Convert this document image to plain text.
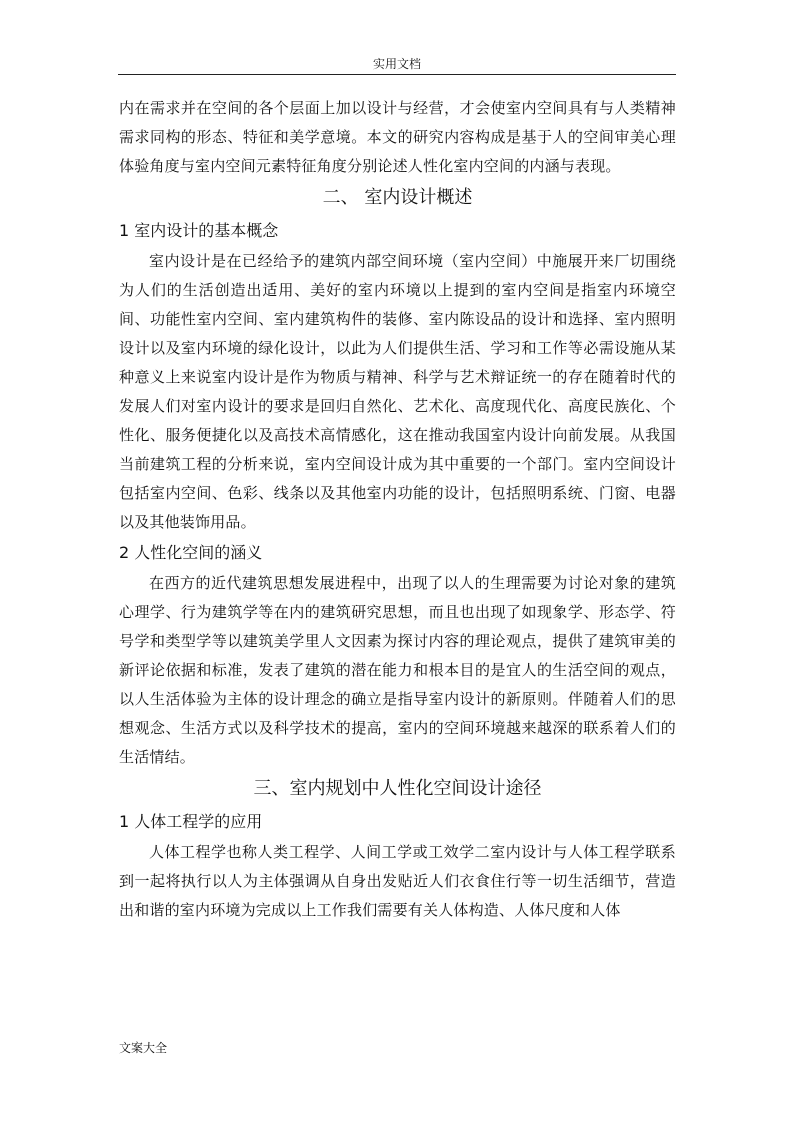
实用文档

内在需求并在空间的各个层面上加以设计与经营，才会使室内空间具有与人类精神需求同构的形态、特征和美学意境。本文的研究内容构成是基于人的空间审美心理体验角度与室内空间元素特征角度分别论述人性化室内空间的内涵与表现。

二、 室内设计概述
1 室内设计的基本概念

室内设计是在已经给予的建筑内部空间环境（室内空间）中施展开来厂切围绕为人们的生活创造出适用、美好的室内环境以上提到的室内空间是指室内环境空间、功能性室内空间、室内建筑构件的装修、室内陈设品的设计和选择、室内照明设计以及室内环境的绿化设计，以此为人们提供生活、学习和工作等必需设施从某种意义上来说室内设计是作为物质与精神、科学与艺术辩证统一的存在随着时代的发展人们对室内设计的要求是回归自然化、艺术化、高度现代化、高度民族化、个性化、服务便捷化以及高技术高情感化，这在推动我国室内设计向前发展。从我国当前建筑工程的分析来说，室内空间设计成为其中重要的一个部门。室内空间设计包括室内空间、色彩、线条以及其他室内功能的设计，包括照明系统、门窗、电器以及其他装饰用品。

2 人性化空间的涵义

在西方的近代建筑思想发展进程中，出现了以人的生理需要为讨论对象的建筑心理学、行为建筑学等在内的建筑研究思想，而且也出现了如现象学、形态学、符号学和类型学等以建筑美学里人文因素为探讨内容的理论观点，提供了建筑审美的新评论依据和标准，发表了建筑的潜在能力和根本目的是宜人的生活空间的观点，以人生活体验为主体的设计理念的确立是指导室内设计的新原则。伴随着人们的思想观念、生活方式以及科学技术的提高，室内的空间环境越来越深的联系着人们的生活情结。

三、室内规划中人性化空间设计途径
1 人体工程学的应用

人体工程学也称人类工程学、人间工学或工效学二室内设计与人体工程学联系到一起将执行以人为主体强调从自身出发贴近人们衣食住行等一切生活细节，营造出和谐的室内环境为完成以上工作我们需要有关人体构造、人体尺度和人体

文案大全
